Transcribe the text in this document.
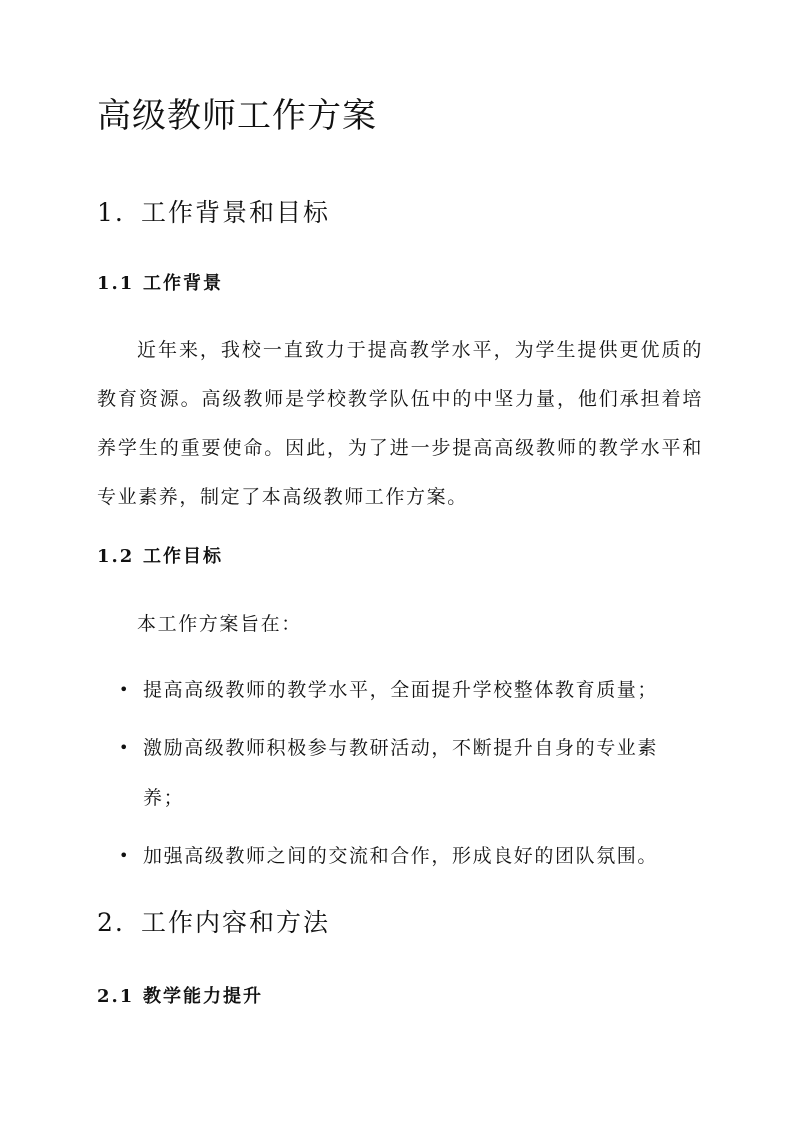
高级教师工作方案
1. 工作背景和目标
1.1 工作背景

近年来，我校一直致力于提高教学水平，为学生提供更优质的教育资源。高级教师是学校教学队伍中的中坚力量，他们承担着培养学生的重要使命。因此，为了进一步提高高级教师的教学水平和专业素养，制定了本高级教师工作方案。

1.2 工作目标

本工作方案旨在：

• 提高高级教师的教学水平，全面提升学校整体教育质量；
• 激励高级教师积极参与教研活动，不断提升自身的专业素养；
• 加强高级教师之间的交流和合作，形成良好的团队氛围。
2. 工作内容和方法
2.1 教学能力提升
